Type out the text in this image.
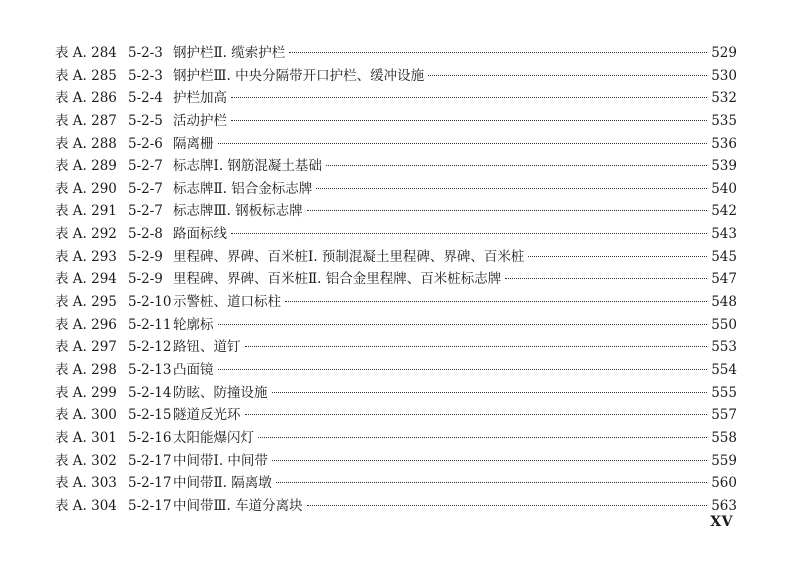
表 A. 284 5-2-3 钢护栏Ⅱ. 缆索护栏	529
表 A. 285 5-2-3 钢护栏Ⅲ. 中央分隔带开口护栏、缓冲设施	530
表 A. 286 5-2-4 护栏加高	532
表 A. 287 5-2-5 活动护栏	535
表 A. 288 5-2-6 隔离栅	536
表 A. 289 5-2-7 标志牌Ⅰ. 钢筋混凝土基础	539
表 A. 290 5-2-7 标志牌Ⅱ. 铝合金标志牌	540
表 A. 291 5-2-7 标志牌Ⅲ. 钢板标志牌	542
表 A. 292 5-2-8 路面标线	543
表 A. 293 5-2-9 里程碑、界碑、百米桩Ⅰ. 预制混凝土里程碑、界碑、百米桩	545
表 A. 294 5-2-9 里程碑、界碑、百米桩Ⅱ. 铝合金里程牌、百米桩标志牌	547
表 A. 295 5-2-10 示警桩、道口标柱	548
表 A. 296 5-2-11 轮廓标	550
表 A. 297 5-2-12 路钮、道钉	553
表 A. 298 5-2-13 凸面镜	554
表 A. 299 5-2-14 防眩、防撞设施	555
表 A. 300 5-2-15 隧道反光环	557
表 A. 301 5-2-16 太阳能爆闪灯	558
表 A. 302 5-2-17 中间带Ⅰ. 中间带	559
表 A. 303 5-2-17 中间带Ⅱ. 隔离墩	560
表 A. 304 5-2-17 中间带Ⅲ. 车道分离块	563
XV
